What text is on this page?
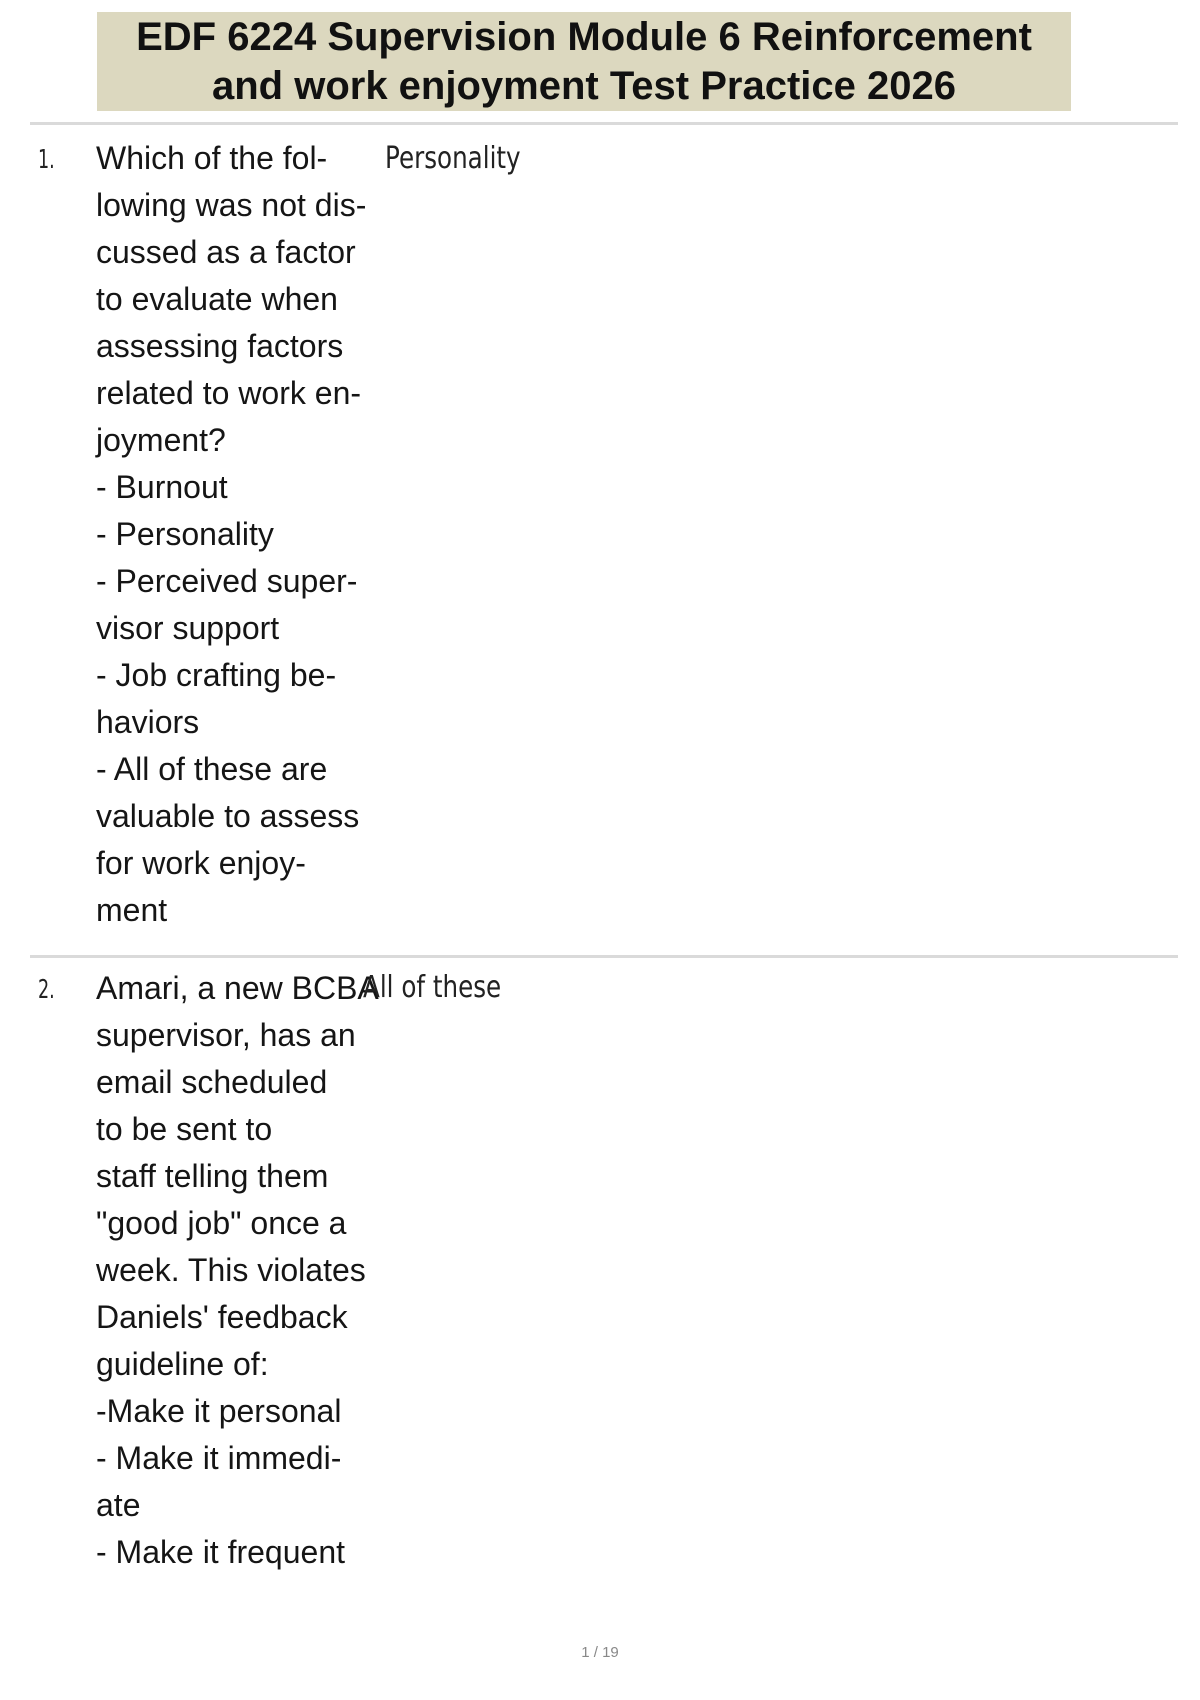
EDF 6224 Supervision Module 6 Reinforcement
and work enjoyment Test Practice 2026
1. Which of the fol-
lowing was not dis-
cussed as a factor
to evaluate when
assessing factors
related to work en-
joyment?
- Burnout
- Personality
- Perceived super-
visor support
- Job crafting be-
haviors
- All of these are
valuable to assess
for work enjoy-
ment
Personality
2. Amari, a new BCBA
supervisor, has an
email scheduled
to be sent to
staff telling them
"good job" once a
week. This violates
Daniels' feedback
guideline of:
-Make it personal
- Make it immedi-
ate
- Make it frequent
All of these
1 / 19
